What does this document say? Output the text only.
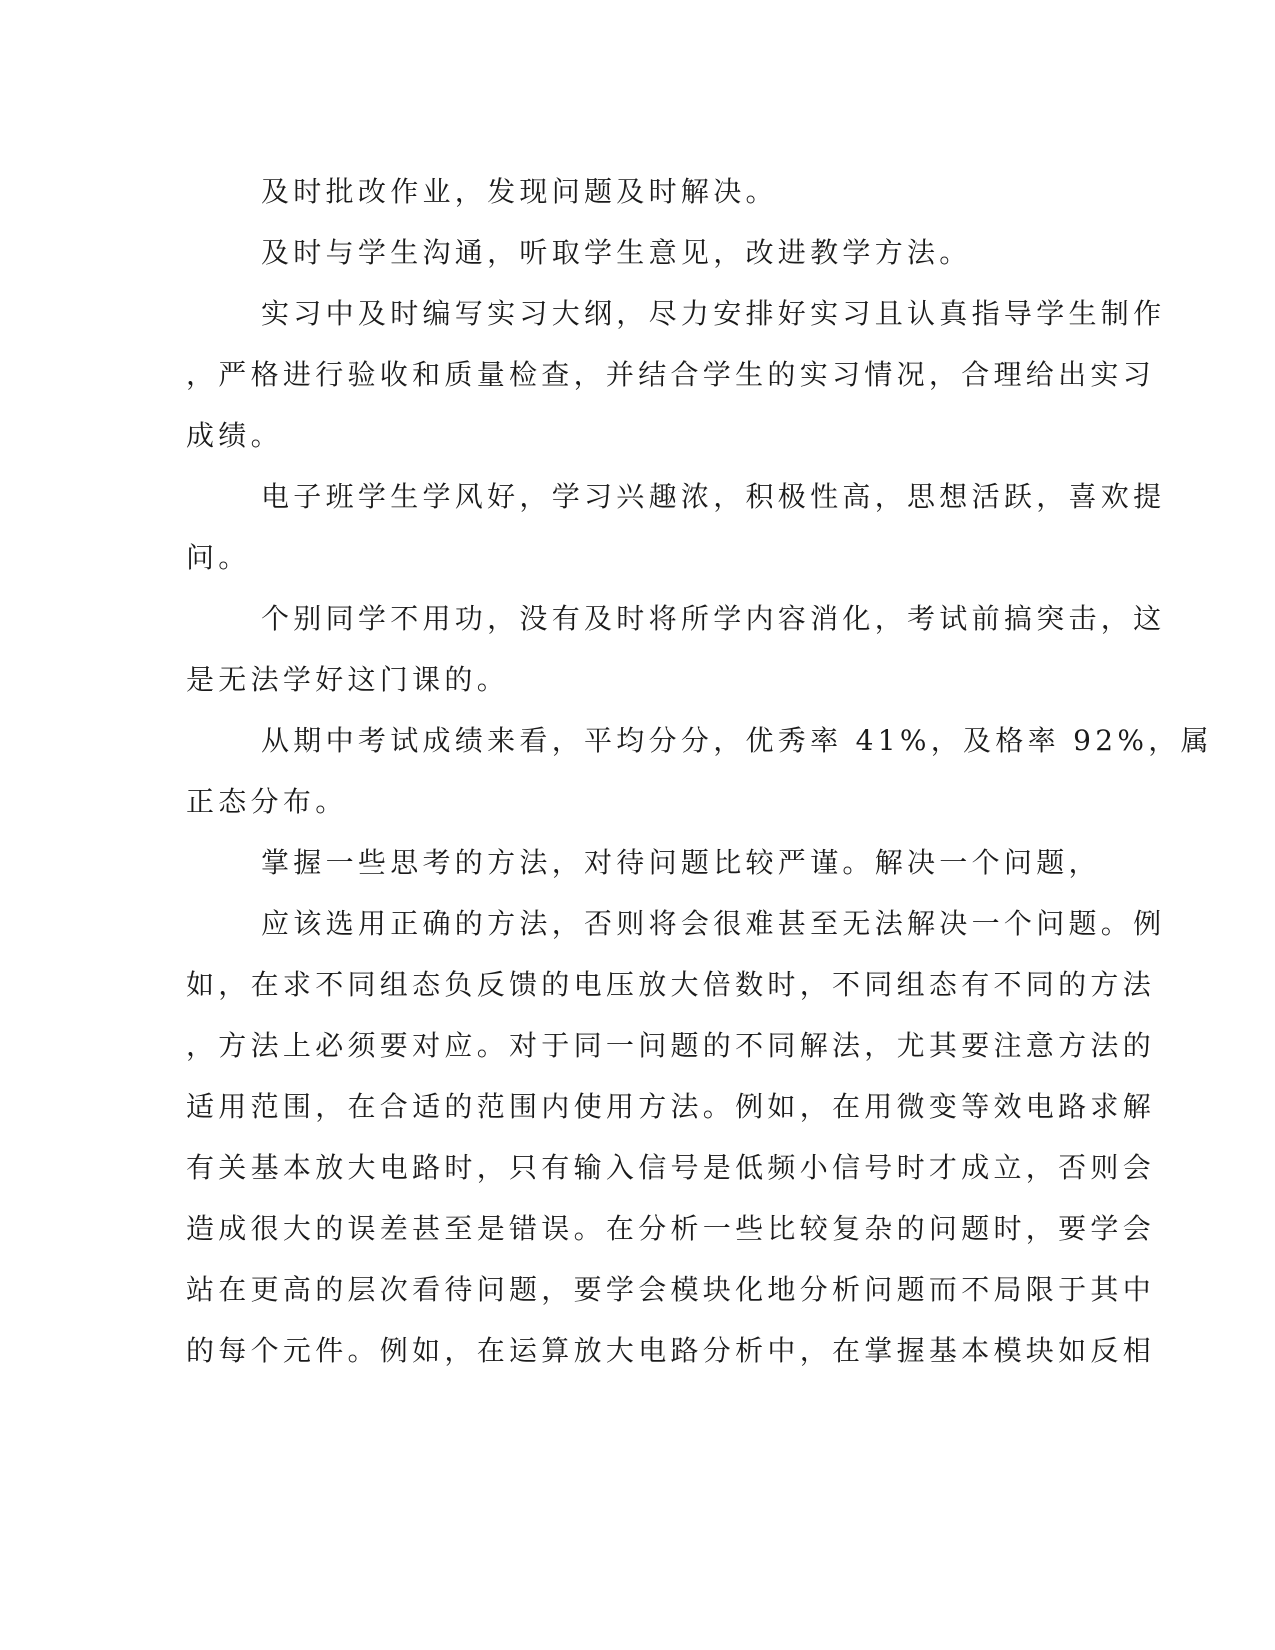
及时批改作业，发现问题及时解决。
及时与学生沟通，听取学生意见，改进教学方法。
实习中及时编写实习大纲，尽力安排好实习且认真指导学生制作
，严格进行验收和质量检查，并结合学生的实习情况，合理给出实习
成绩。
电子班学生学风好，学习兴趣浓，积极性高，思想活跃，喜欢提
问。
个别同学不用功，没有及时将所学内容消化，考试前搞突击，这
是无法学好这门课的。
从期中考试成绩来看，平均分分，优秀率 41%，及格率 92%，属
正态分布。
掌握一些思考的方法，对待问题比较严谨。解决一个问题，
应该选用正确的方法，否则将会很难甚至无法解决一个问题。例
如，在求不同组态负反馈的电压放大倍数时，不同组态有不同的方法
，方法上必须要对应。对于同一问题的不同解法，尤其要注意方法的
适用范围，在合适的范围内使用方法。例如，在用微变等效电路求解
有关基本放大电路时，只有输入信号是低频小信号时才成立，否则会
造成很大的误差甚至是错误。在分析一些比较复杂的问题时，要学会
站在更高的层次看待问题，要学会模块化地分析问题而不局限于其中
的每个元件。例如，在运算放大电路分析中，在掌握基本模块如反相
